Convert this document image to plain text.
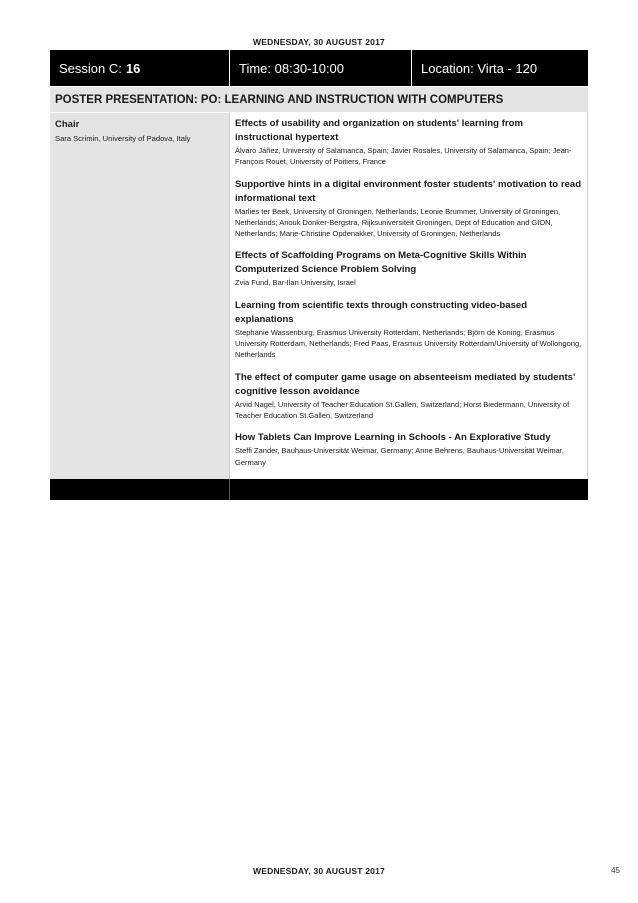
WEDNESDAY, 30 AUGUST 2017
Session C: 16	Time: 08:30-10:00	Location: Virta - 120
POSTER PRESENTATION: PO: LEARNING AND INSTRUCTION WITH COMPUTERS
Chair
Sara Scrimin, University of Padova, Italy
Effects of usability and organization on students' learning from instructional hypertext
Álvaro Jáñez, University of Salamanca, Spain; Javier Rosales, University of Salamanca, Spain; Jean-François Rouet, University of Poitiers, France
Supportive hints in a digital environment foster students' motivation to read informational text
Marlies ter Beek, University of Groningen, Netherlands; Leonie Brummer, University of Groningen, Netherlands; Anouk Donker-Bergstra, Rijksuniversiteit Groningen, Dept of Education and GION, Netherlands; Marie-Christine Opdenakker, University of Groningen, Netherlands
Effects of Scaffolding Programs on Meta-Cognitive Skills Within Computerized Science Problem Solving
Zvia Fund, Bar-Ilan University, Israel
Learning from scientific texts through constructing video-based explanations
Stephanie Wassenburg, Erasmus University Rotterdam, Netherlands; Björn de Koning, Erasmus University Rotterdam, Netherlands; Fred Paas, Erasmus University Rotterdam/University of Wollongong, Netherlands
The effect of computer game usage on absenteeism mediated by students' cognitive lesson avoidance
Arvid Nagel, University of Teacher Education St.Gallen, Switzerland; Horst Biedermann, University of Teacher Education St.Gallen, Switzerland
How Tablets Can Improve Learning in Schools - An Explorative Study
Steffi Zander, Bauhaus-Universität Weimar, Germany; Anne Behrens, Bauhaus-Universität Weimar, Germany
WEDNESDAY, 30 AUGUST 2017	45
